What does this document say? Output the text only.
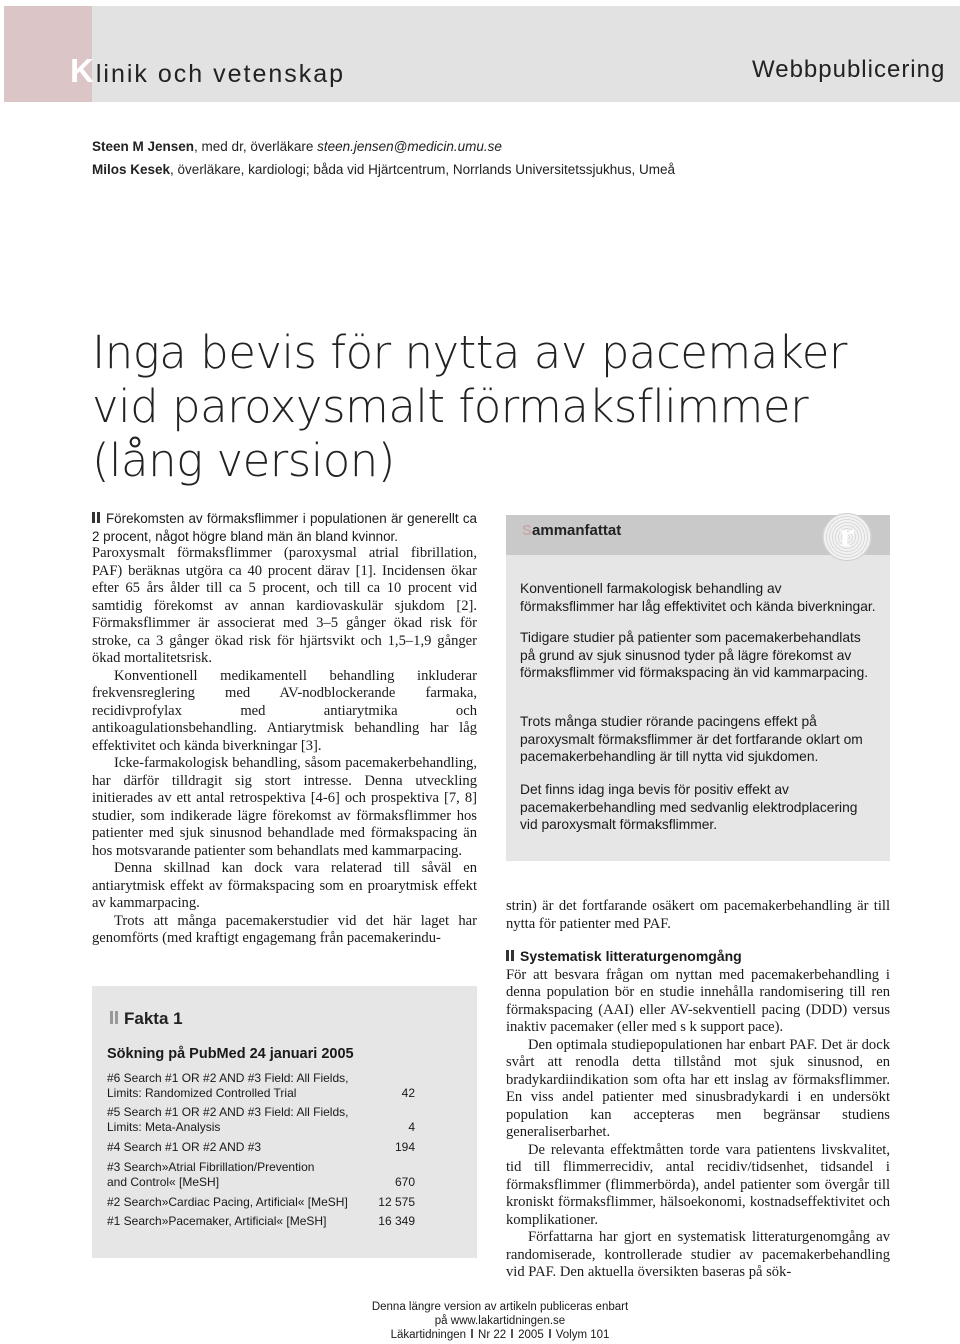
Klinik och vetenskap	Webbpublicering
Steen M Jensen, med dr, överläkare steen.jensen@medicin.umu.se
Milos Kesek, överläkare, kardiologi; båda vid Hjärtcentrum, Norrlands Universitetssjukhus, Umeå
Inga bevis för nytta av pacemaker vid paroxysmalt förmaksflimmer (lång version)

Förekomsten av förmaksflimmer i populationen är generellt ca 2 procent, något högre bland män än bland kvinnor.

Paroxysmalt förmaksflimmer (paroxysmal atrial fibrillation, PAF) beräknas utgöra ca 40 procent därav [1]. Incidensen ökar efter 65 års ålder till ca 5 procent, och till ca 10 procent vid samtidig förekomst av annan kardiovaskulär sjukdom [2]. Förmaksflimmer är associerat med 3–5 gånger ökad risk för stroke, ca 3 gånger ökad risk för hjärtsvikt och 1,5–1,9 gånger ökad mortalitetsrisk.

Konventionell medikamentell behandling inkluderar frekvensreglering med AV-nodblockerande farmaka, recidivprofylax med antiarytmika och antikoagulationsbehandling. Antiarytmisk behandling har låg effektivitet och kända biverkningar [3].

Icke-farmakologisk behandling, såsom pacemakerbehandling, har därför tilldragit sig stort intresse. Denna utveckling initierades av ett antal retrospektiva [4-6] och prospektiva [7, 8] studier, som indikerade lägre förekomst av förmaksflimmer hos patienter med sjuk sinusnod behandlade med förmakspacing än hos motsvarande patienter som behandlats med kammarpacing.

Denna skillnad kan dock vara relaterad till såväl en antiarytmisk effekt av förmakspacing som en proarytmisk effekt av kammarpacing.

Trots att många pacemakerstudier vid det här laget har genomförts (med kraftigt engagemang från pacemakerindu-

Sammanfattat	r
Konventionell farmakologisk behandling av förmaksflimmer har låg effektivitet och kända biverkningar.
Tidigare studier på patienter som pacemakerbehandlats på grund av sjuk sinusnod tyder på lägre förekomst av förmaksflimmer vid förmakspacing än vid kammarpacing.
Trots många studier rörande pacingens effekt på paroxysmalt förmaksflimmer är det fortfarande oklart om pacemakerbehandling är till nytta vid sjukdomen.
Det finns idag inga bevis för positiv effekt av pacemakerbehandling med sedvanlig elektrodplacering vid paroxysmalt förmaksflimmer.

strin) är det fortfarande osäkert om pacemakerbehandling är till nytta för patienter med PAF.

Systematisk litteraturgenomgång

För att besvara frågan om nyttan med pacemakerbehandling i denna population bör en studie innehålla randomisering till ren förmakspacing (AAI) eller AV-sekventiell pacing (DDD) versus inaktiv pacemaker (eller med s k support pace).

Den optimala studiepopulationen har enbart PAF. Det är dock svårt att renodla detta tillstånd mot sjuk sinusnod, en bradykardiindikation som ofta har ett inslag av förmaksflimmer. En viss andel patienter med sinusbradykardi i en undersökt population kan accepteras men begränsar studiens generaliserbarhet.

De relevanta effektmåtten torde vara patientens livskvalitet, tid till flimmerrecidiv, antal recidiv/tidsenhet, tidsandel i förmaksflimmer (flimmerbörda), andel patienter som övergår till kroniskt förmaksflimmer, hälsoekonomi, kostnadseffektivitet och komplikationer.

Författarna har gjort en systematisk litteraturgenomgång av randomiserade, kontrollerade studier av pacemakerbehandling vid PAF. Den aktuella översikten baseras på sök-

Fakta 1
Sökning på PubMed 24 januari 2005
#6 Search #1 OR #2 AND #3 Field: All Fields,
Limits: Randomized Controlled Trial	42
#5 Search #1 OR #2 AND #3 Field: All Fields,
Limits: Meta-Analysis	4
#4 Search #1 OR #2 AND #3	194
#3 Search»Atrial Fibrillation/Prevention
and Control« [MeSH]	670
#2 Search»Cardiac Pacing, Artificial« [MeSH]	12 575
#1 Search»Pacemaker, Artificial« [MeSH]	16 349
Denna längre version av artikeln publiceras enbart
på www.lakartidningen.se
Läkartidningen Nr 22 2005 Volym 101
